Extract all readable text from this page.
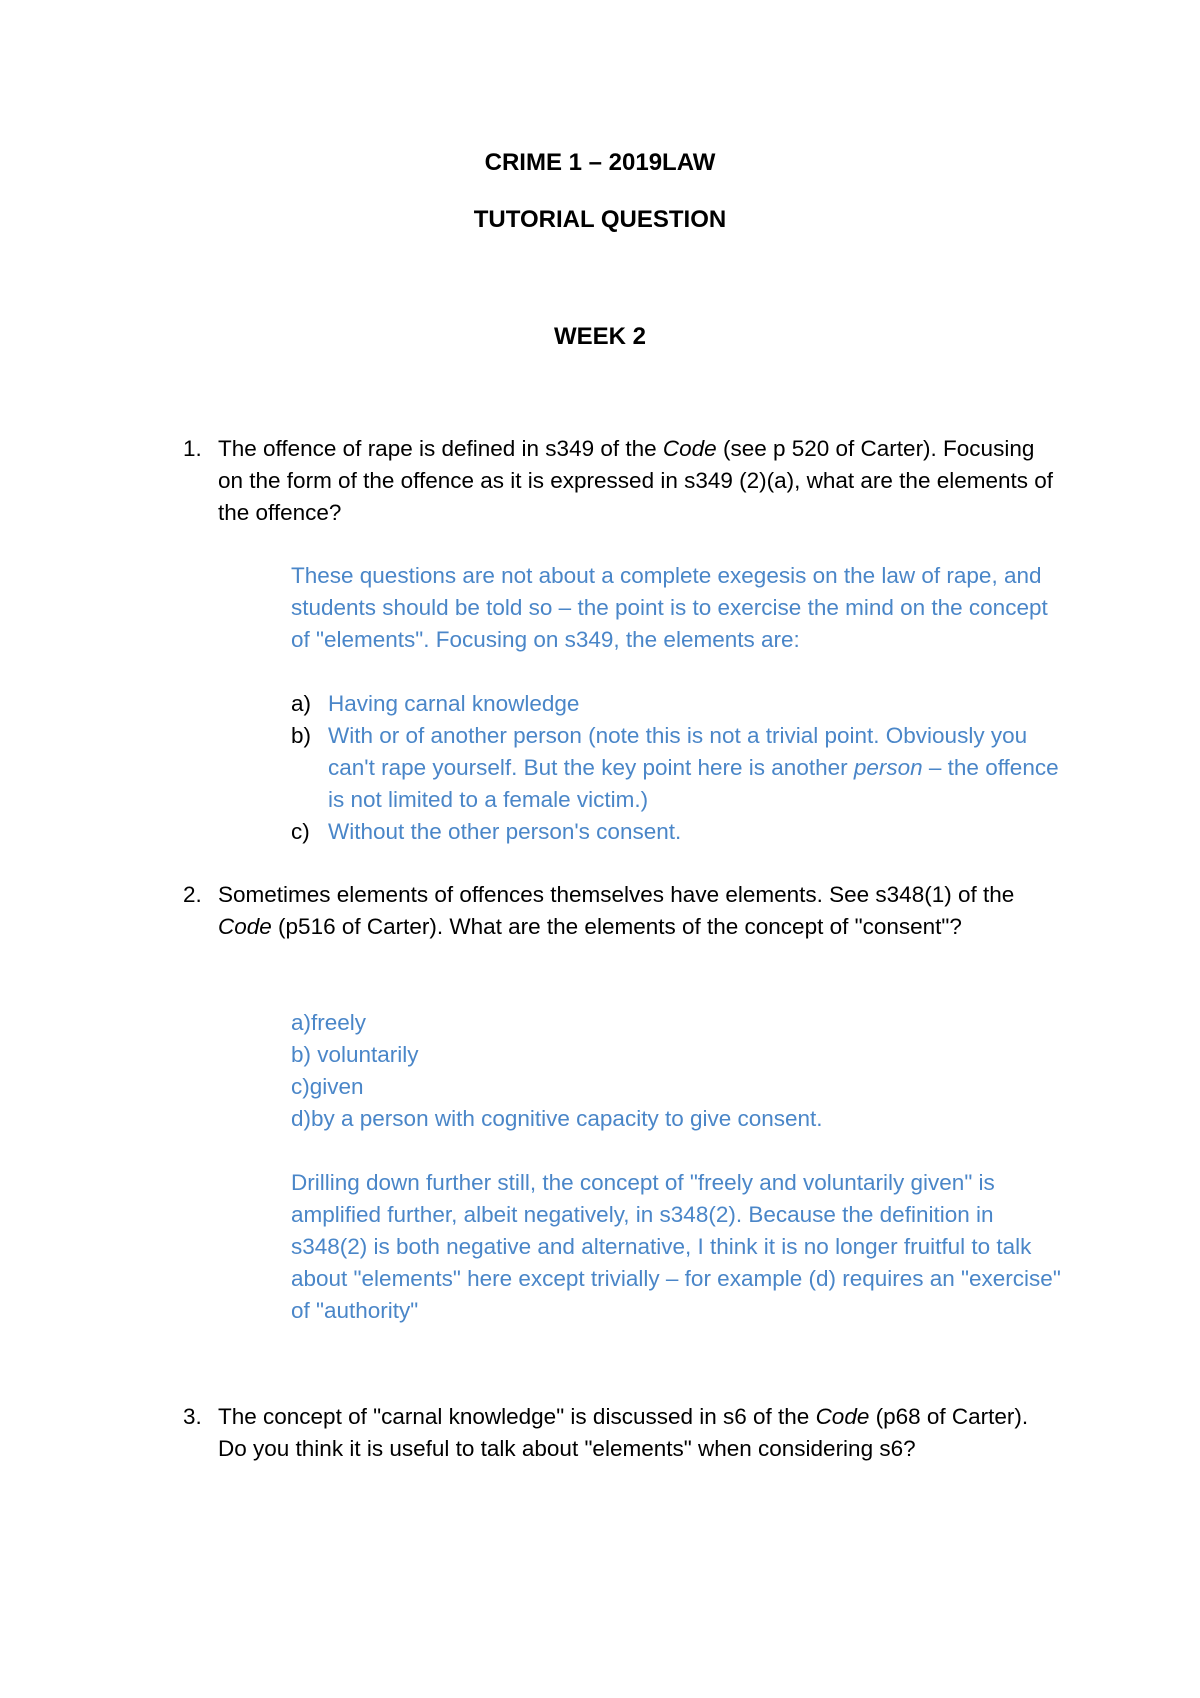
CRIME 1 – 2019LAW
TUTORIAL QUESTION
WEEK 2
1. The offence of rape is defined in s349 of the Code (see p 520 of Carter). Focusing on the form of the offence as it is expressed in s349 (2)(a), what are the elements of the offence?
These questions are not about a complete exegesis on the law of rape, and students should be told so – the point is to exercise the mind on the concept of "elements". Focusing on s349, the elements are:
a) Having carnal knowledge
b) With or of another person (note this is not a trivial point. Obviously you can't rape yourself. But the key point here is another person – the offence is not limited to a female victim.)
c) Without the other person's consent.
2. Sometimes elements of offences themselves have elements. See s348(1) of the Code (p516 of Carter). What are the elements of the concept of "consent"?
a)freely
b) voluntarily
c)given
d)by a person with cognitive capacity to give consent.
Drilling down further still, the concept of "freely and voluntarily given" is amplified further, albeit negatively, in s348(2). Because the definition in s348(2) is both negative and alternative, I think it is no longer fruitful to talk about "elements" here except trivially – for example (d) requires an "exercise" of "authority"
3. The concept of "carnal knowledge" is discussed in s6 of the Code (p68 of Carter). Do you think it is useful to talk about "elements" when considering s6?
